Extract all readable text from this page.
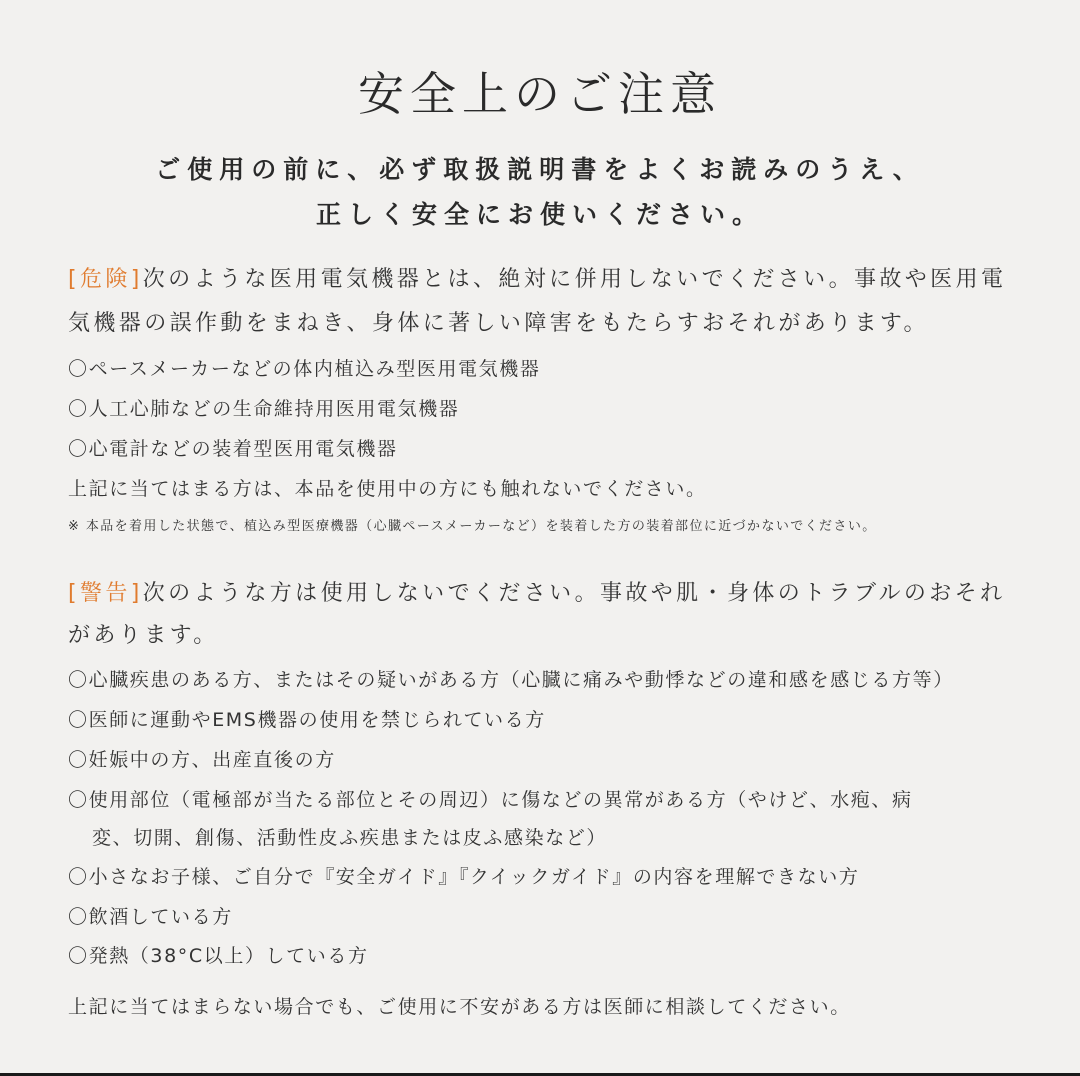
安全上のご注意
ご使用の前に、必ず取扱説明書をよくお読みのうえ、
正しく安全にお使いください。
[危険]次のような医用電気機器とは、絶対に併用しないでください。事故や医用電
気機器の誤作動をまねき、身体に著しい障害をもたらすおそれがあります。
〇ペースメーカーなどの体内植込み型医用電気機器
〇人工心肺などの生命維持用医用電気機器
〇心電計などの装着型医用電気機器
上記に当てはまる方は、本品を使用中の方にも触れないでください。
※ 本品を着用した状態で、植込み型医療機器（心臓ペースメーカーなど）を装着した方の装着部位に近づかないでください。
[警告]次のような方は使用しないでください。事故や肌・身体のトラブルのおそれ
があります。
〇心臓疾患のある方、またはその疑いがある方（心臓に痛みや動悸などの違和感を感じる方等）
〇医師に運動やEMS機器の使用を禁じられている方
〇妊娠中の方、出産直後の方
〇使用部位（電極部が当たる部位とその周辺）に傷などの異常がある方（やけど、水疱、病
変、切開、創傷、活動性皮ふ疾患または皮ふ感染など）
〇小さなお子様、ご自分で『安全ガイド』『クイックガイド』の内容を理解できない方
〇飲酒している方
〇発熱（38°C以上）している方
上記に当てはまらない場合でも、ご使用に不安がある方は医師に相談してください。
